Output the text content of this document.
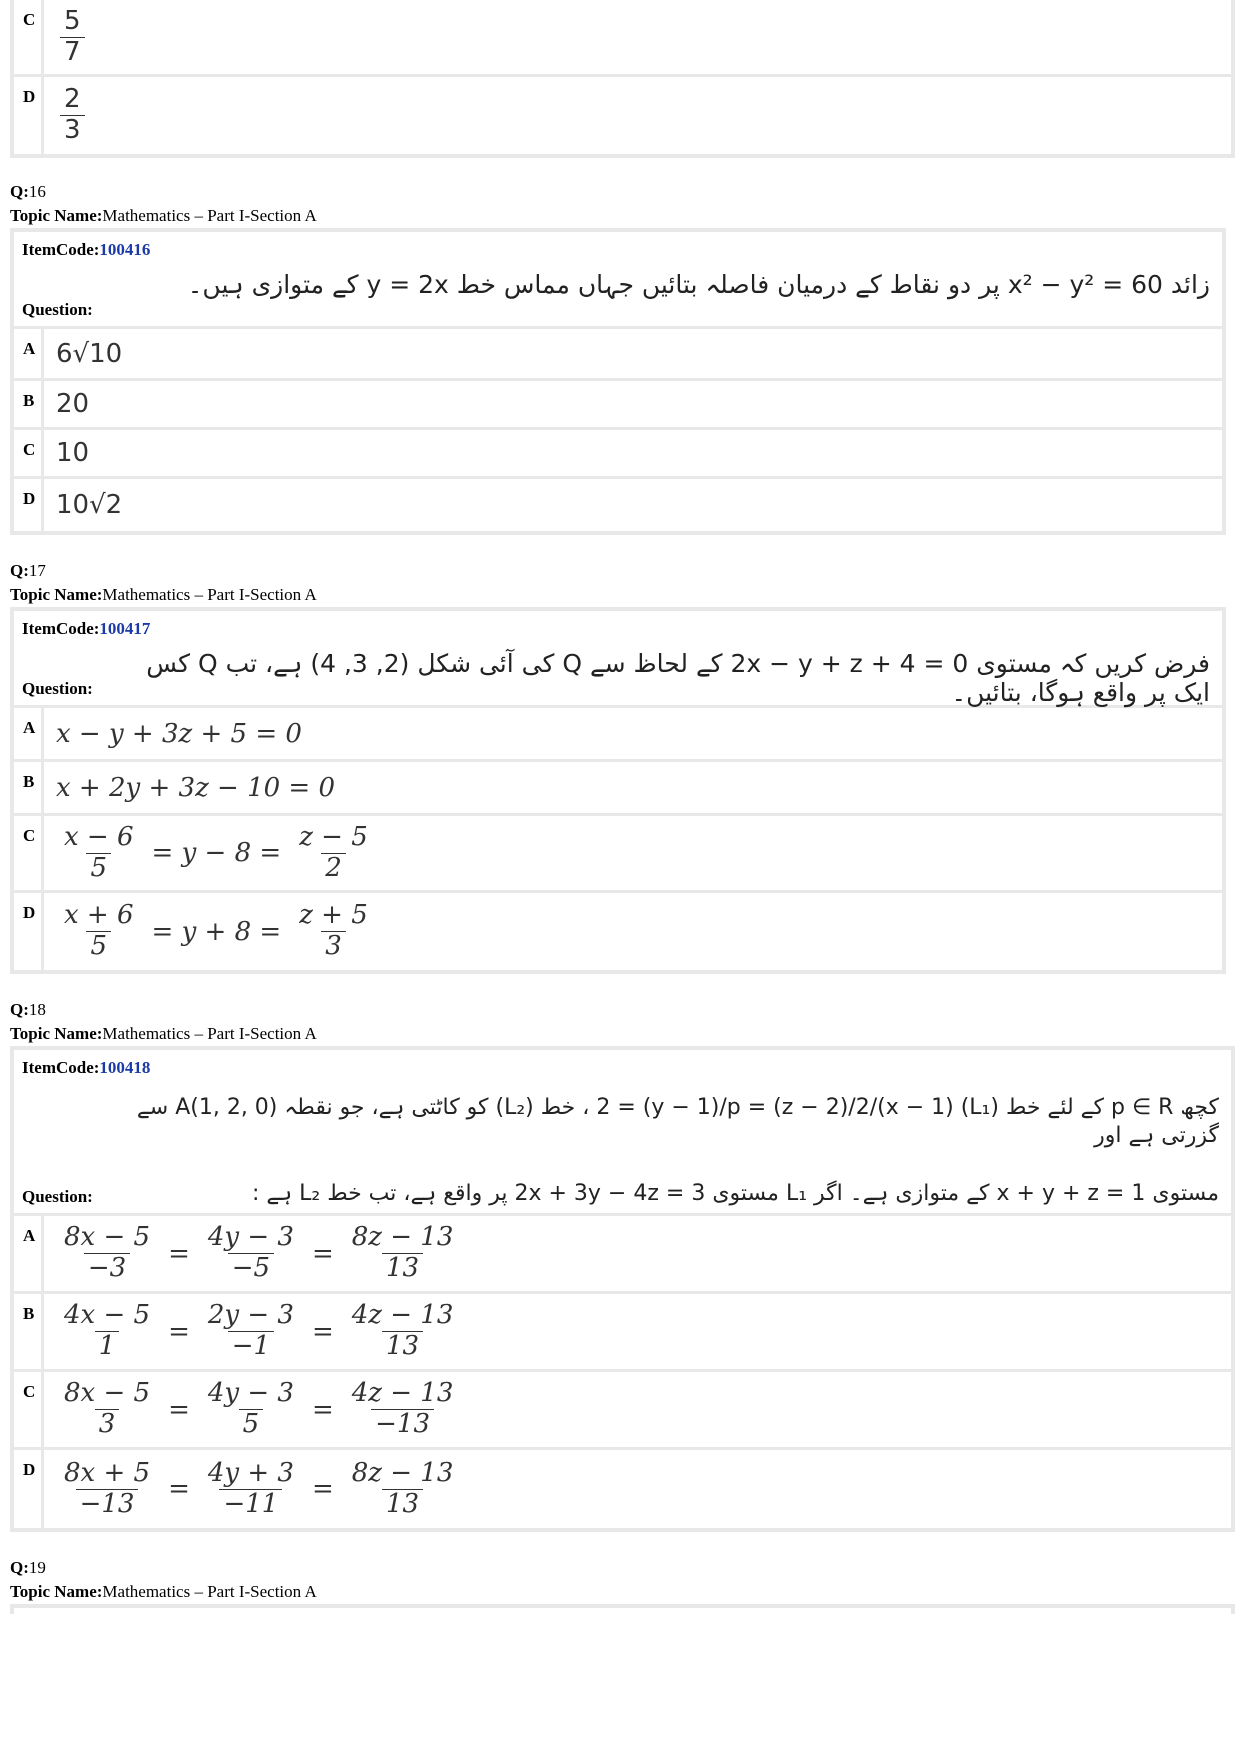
C $\frac{5}{7}$
D $\frac{2}{3}$
Q:16
Topic Name:Mathematics – Part I-Section A
ItemCode:100416
زائد x² − y² = 60 پر دو نقاط کے درمیان فاصلہ بتائیں جہاں مماس خط y = 2x کے متوازی ہیں۔
Question:
A 6√10
B 20
C 10
D 10√2
Q:17
Topic Name:Mathematics – Part I-Section A
ItemCode:100417
فرض کریں کہ مستوی 2x − y + z + 4 = 0 کے لحاظ سے Q کی آئی شکل (2, 3, 4) ہے، تب Q کس ایک پر واقع ہوگا، بتائیں۔
Question:
A x − y + 3z + 5 = 0
B x + 2y + 3z − 10 = 0
C $\frac{x - 6}{5} = y - 8 = \frac{z - 5}{2}$
D $\frac{x + 6}{5} = y + 8 = \frac{z + 5}{3}$
Q:18
Topic Name:Mathematics – Part I-Section A
ItemCode:100418
کچھ p ∈ R کے لئے خط (L₁) (x − 1)/2 = (y − 1)/p = (z − 2)/2 ، خط (L₂) کو کاٹتی ہے، جو نقطہ A(1, 2, 0) سے گزرتی ہے اور
مستوی x + y + z = 1 کے متوازی ہے۔ اگر L₁ مستوی 2x + 3y − 4z = 3 پر واقع ہے، تب خط L₂ ہے :
Question:
A $\frac{8x - 5}{-3} = \frac{4y - 3}{-5} = \frac{8z - 13}{13}$
B $\frac{4x - 5}{1} = \frac{2y - 3}{-1} = \frac{4z - 13}{13}$
C $\frac{8x - 5}{3} = \frac{4y - 3}{5} = \frac{4z - 13}{-13}$
D $\frac{8x + 5}{-13} = \frac{4y + 3}{-11} = \frac{8z - 13}{13}$
Q:19
Topic Name:Mathematics – Part I-Section A
